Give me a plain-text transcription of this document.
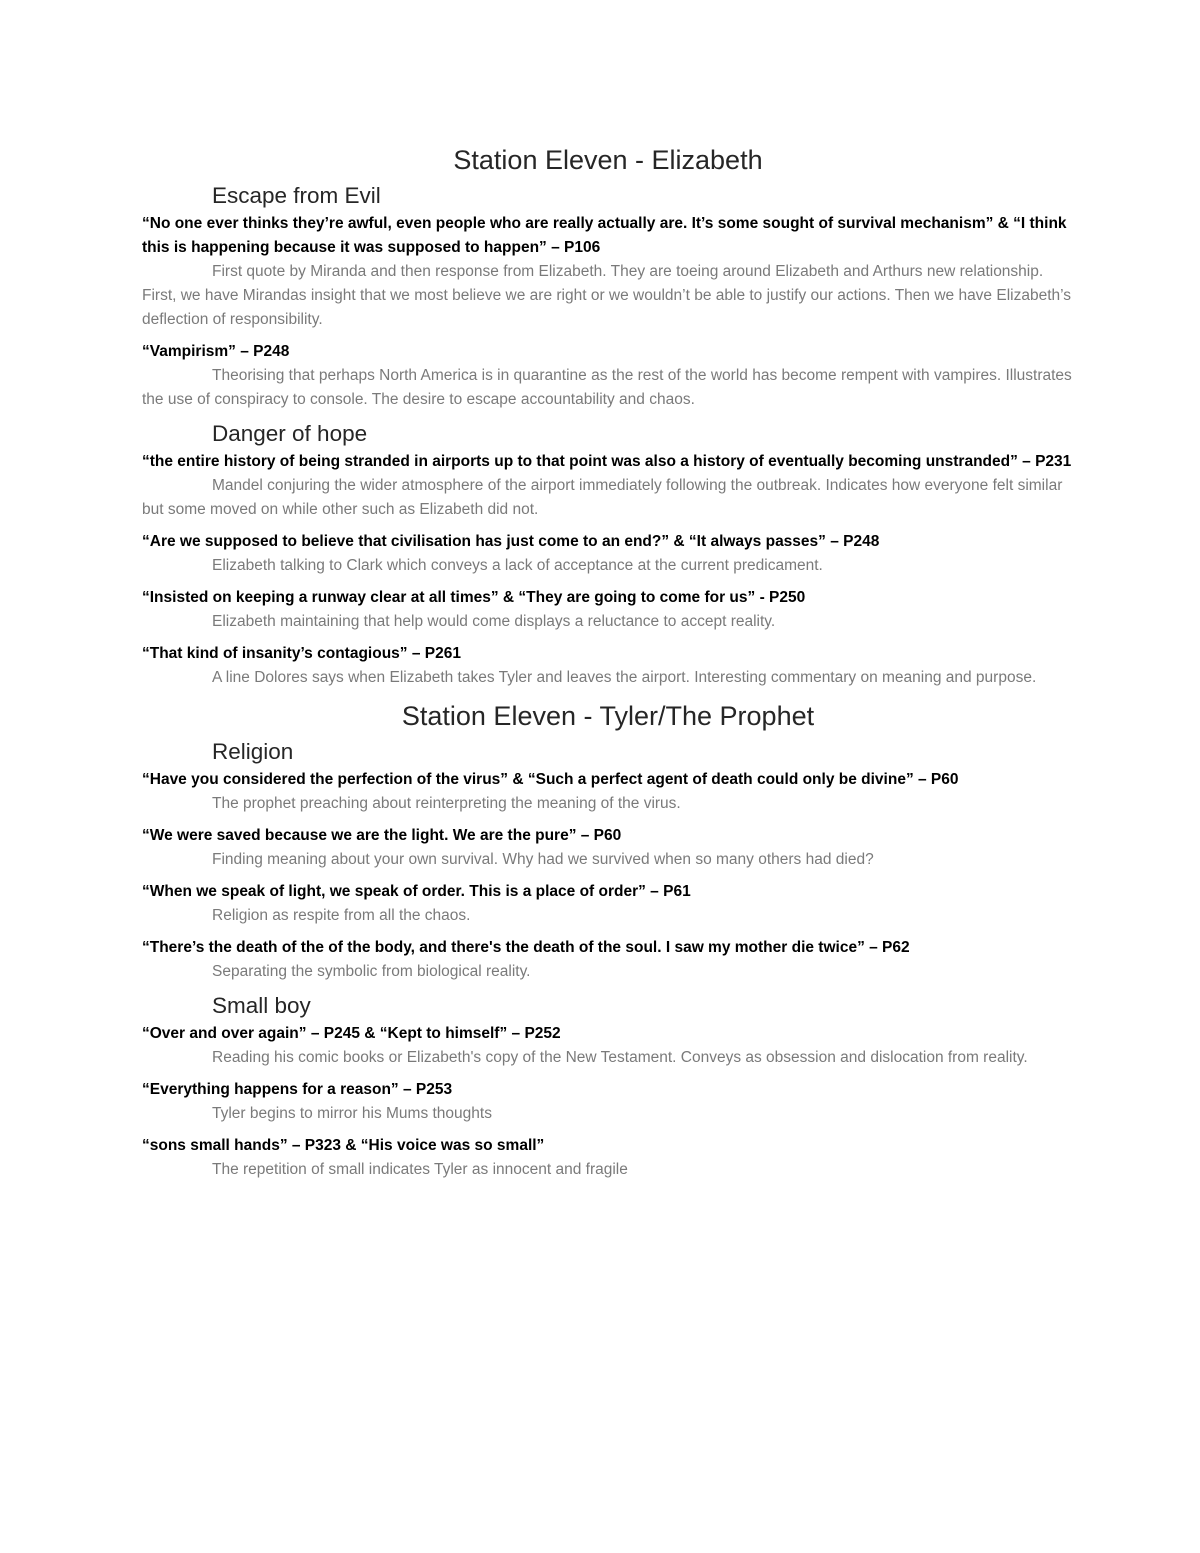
Station Eleven - Elizabeth
Escape from Evil

“No one ever thinks they’re awful, even people who are really actually are. It’s some sought of survival mechanism” & “I think this is happening because it was supposed to happen” – P106

First quote by Miranda and then response from Elizabeth. They are toeing around Elizabeth and Arthurs new relationship. First, we have Mirandas insight that we most believe we are right or we wouldn’t be able to justify our actions. Then we have Elizabeth’s deflection of responsibility.

“Vampirism” – P248

Theorising that perhaps North America is in quarantine as the rest of the world has become rempent with vampires. Illustrates the use of conspiracy to console. The desire to escape accountability and chaos.

Danger of hope

“the entire history of being stranded in airports up to that point was also a history of eventually becoming unstranded” – P231

Mandel conjuring the wider atmosphere of the airport immediately following the outbreak. Indicates how everyone felt similar but some moved on while other such as Elizabeth did not.

“Are we supposed to believe that civilisation has just come to an end?” & “It always passes” – P248

Elizabeth talking to Clark which conveys a lack of acceptance at the current predicament.

“Insisted on keeping a runway clear at all times” & “They are going to come for us” - P250

Elizabeth maintaining that help would come displays a reluctance to accept reality.

“That kind of insanity’s contagious” – P261

A line Dolores says when Elizabeth takes Tyler and leaves the airport. Interesting commentary on meaning and purpose.

Station Eleven - Tyler/The Prophet
Religion

“Have you considered the perfection of the virus” & “Such a perfect agent of death could only be divine” – P60

The prophet preaching about reinterpreting the meaning of the virus.

“We were saved because we are the light. We are the pure” – P60

Finding meaning about your own survival. Why had we survived when so many others had died?

“When we speak of light, we speak of order. This is a place of order” – P61

Religion as respite from all the chaos.

“There’s the death of the of the body, and there's the death of the soul. I saw my mother die twice” – P62

Separating the symbolic from biological reality.

Small boy

“Over and over again” – P245 & “Kept to himself” – P252

Reading his comic books or Elizabeth's copy of the New Testament. Conveys as obsession and dislocation from reality.

“Everything happens for a reason” – P253

Tyler begins to mirror his Mums thoughts

“sons small hands” – P323 & “His voice was so small”

The repetition of small indicates Tyler as innocent and fragile
